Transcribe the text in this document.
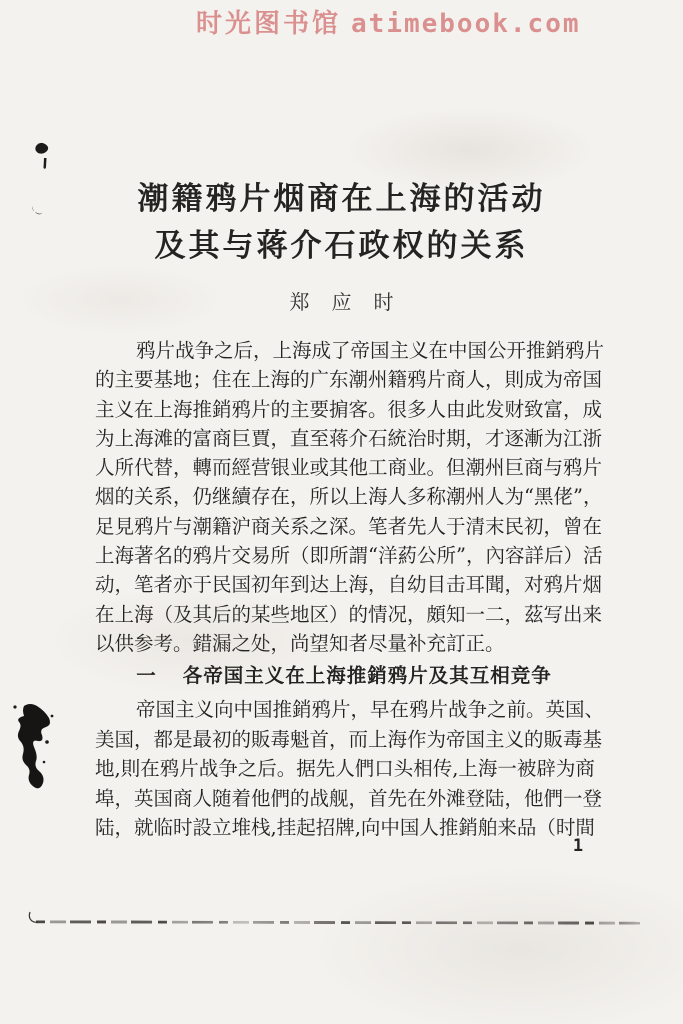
时光图书馆 atimebook.com
潮籍鸦片烟商在上海的活动
及其与蒋介石政权的关系
郑应时
鸦片战争之后，上海成了帝国主义在中国公开推銷鸦片
的主要基地；住在上海的广东潮州籍鸦片商人，則成为帝国
主义在上海推銷鸦片的主要掮客。很多人由此发财致富，成
为上海滩的富商巨賈，直至蒋介石統治时期，才逐漸为江浙
人所代替，轉而經营银业或其他工商业。但潮州巨商与鸦片
烟的关系，仍继續存在，所以上海人多称潮州人为“黑佬”，
足見鸦片与潮籍沪商关系之深。笔者先人于清末民初，曾在
上海著名的鸦片交易所（即所謂“洋葯公所”，內容詳后）活
动，笔者亦于民国初年到达上海，自幼目击耳聞，对鸦片烟
在上海（及其后的某些地区）的情况，頗知一二，茲写出来
以供参考。錯漏之处，尚望知者尽量补充訂正。
一 各帝国主义在上海推銷鸦片及其互相竞争
帝国主义向中国推銷鸦片，早在鸦片战争之前。英国、
美国，都是最初的販毒魁首，而上海作为帝国主义的販毒基
地,則在鸦片战争之后。据先人們口头相传,上海一被辟为商
埠，英国商人随着他們的战舰，首先在外滩登陆，他們一登
陆，就临时設立堆栈,挂起招牌,向中国人推銷舶来品（时間
1
